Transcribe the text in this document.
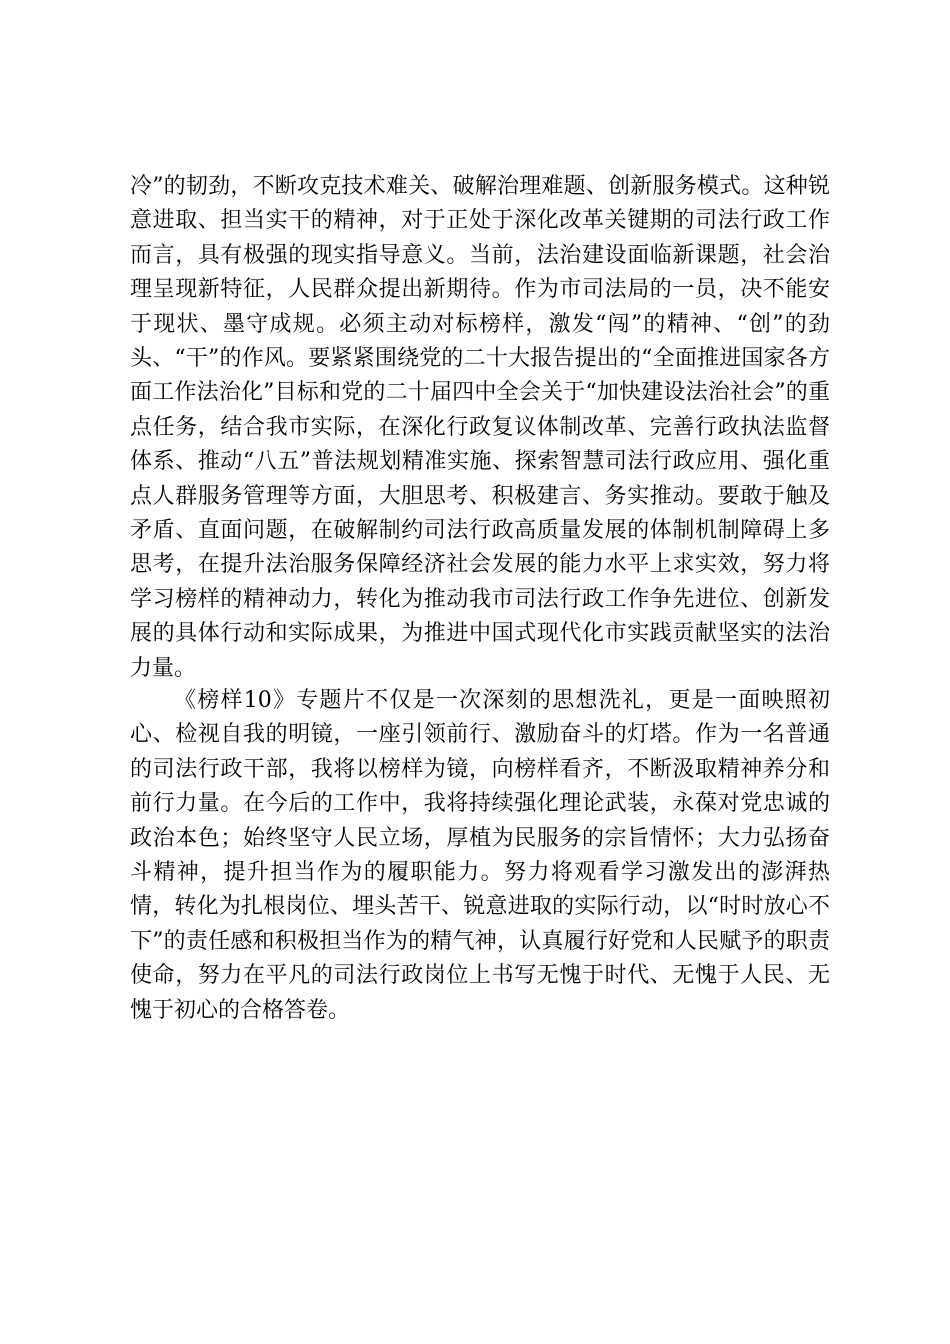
冷”的韧劲，不断攻克技术难关、破解治理难题、创新服务模式。这种锐意进取、担当实干的精神，对于正处于深化改革关键期的司法行政工作而言，具有极强的现实指导意义。当前，法治建设面临新课题，社会治理呈现新特征，人民群众提出新期待。作为市司法局的一员，决不能安于现状、墨守成规。必须主动对标榜样，激发“闯”的精神、“创”的劲头、“干”的作风。要紧紧围绕党的二十大报告提出的“全面推进国家各方面工作法治化”目标和党的二十届四中全会关于“加快建设法治社会”的重点任务，结合我市实际，在深化行政复议体制改革、完善行政执法监督体系、推动“八五”普法规划精准实施、探索智慧司法行政应用、强化重点人群服务管理等方面，大胆思考、积极建言、务实推动。要敢于触及矛盾、直面问题，在破解制约司法行政高质量发展的体制机制障碍上多思考，在提升法治服务保障经济社会发展的能力水平上求实效，努力将学习榜样的精神动力，转化为推动我市司法行政工作争先进位、创新发展的具体行动和实际成果，为推进中国式现代化市实践贡献坚实的法治力量。

《榜样10》专题片不仅是一次深刻的思想洗礼，更是一面映照初心、检视自我的明镜，一座引领前行、激励奋斗的灯塔。作为一名普通的司法行政干部，我将以榜样为镜，向榜样看齐，不断汲取精神养分和前行力量。在今后的工作中，我将持续强化理论武装，永葆对党忠诚的政治本色；始终坚守人民立场，厚植为民服务的宗旨情怀；大力弘扬奋斗精神，提升担当作为的履职能力。努力将观看学习激发出的澎湃热情，转化为扎根岗位、埋头苦干、锐意进取的实际行动，以“时时放心不下”的责任感和积极担当作为的精气神，认真履行好党和人民赋予的职责使命，努力在平凡的司法行政岗位上书写无愧于时代、无愧于人民、无愧于初心的合格答卷。
